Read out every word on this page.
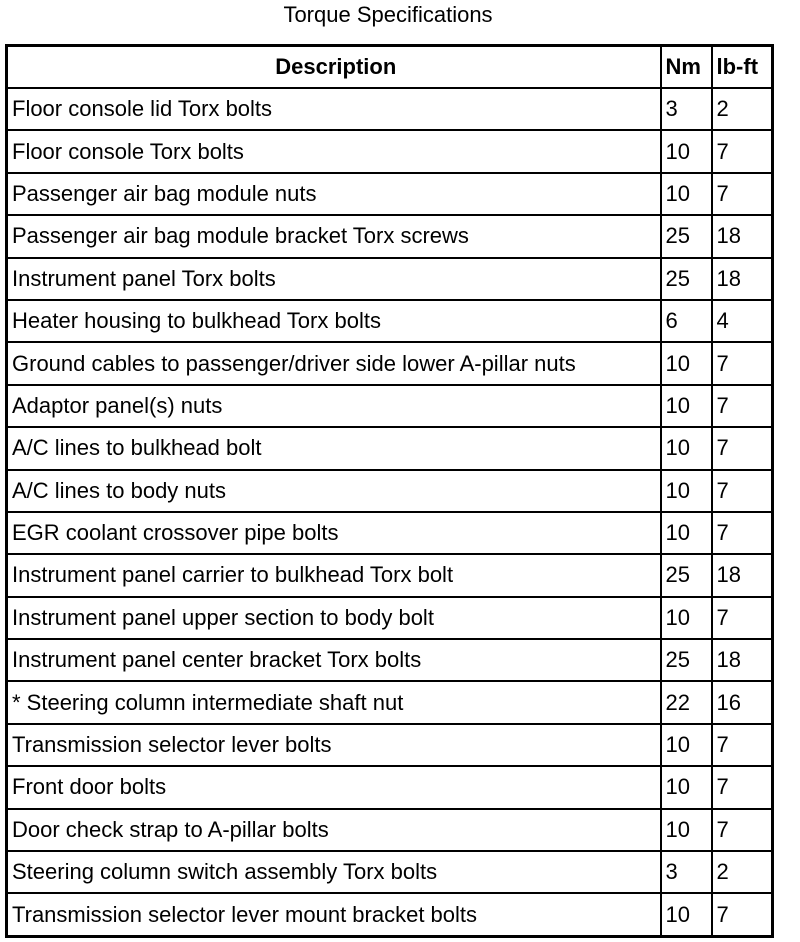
Torque Specifications
Description	Nm	lb-ft
Floor console lid Torx bolts	3	2
Floor console Torx bolts	10	7
Passenger air bag module nuts	10	7
Passenger air bag module bracket Torx screws	25	18
Instrument panel Torx bolts	25	18
Heater housing to bulkhead Torx bolts	6	4
Ground cables to passenger/driver side lower A-pillar nuts	10	7
Adaptor panel(s) nuts	10	7
A/C lines to bulkhead bolt	10	7
A/C lines to body nuts	10	7
EGR coolant crossover pipe bolts	10	7
Instrument panel carrier to bulkhead Torx bolt	25	18
Instrument panel upper section to body bolt	10	7
Instrument panel center bracket Torx bolts	25	18
* Steering column intermediate shaft nut	22	16
Transmission selector lever bolts	10	7
Front door bolts	10	7
Door check strap to A-pillar bolts	10	7
Steering column switch assembly Torx bolts	3	2
Transmission selector lever mount bracket bolts	10	7
